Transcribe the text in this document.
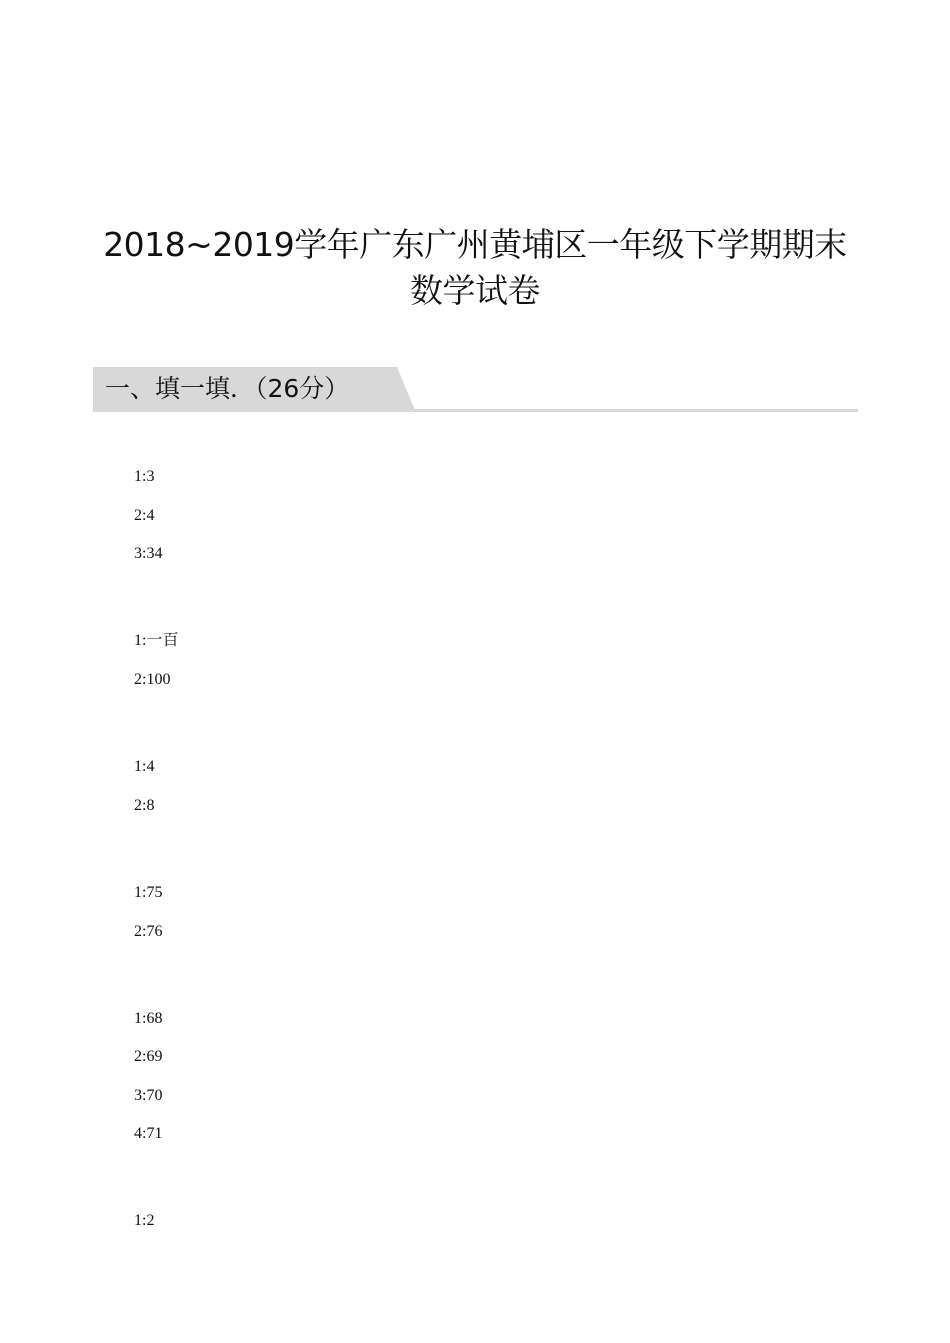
2018~2019学年广东广州黄埔区一年级下学期期末
数学试卷
一、填一填．（26分）
1:3
2:4
3:34
1:一百
2:100
1:4
2:8
1:75
2:76
1:68
2:69
3:70
4:71
1:2
